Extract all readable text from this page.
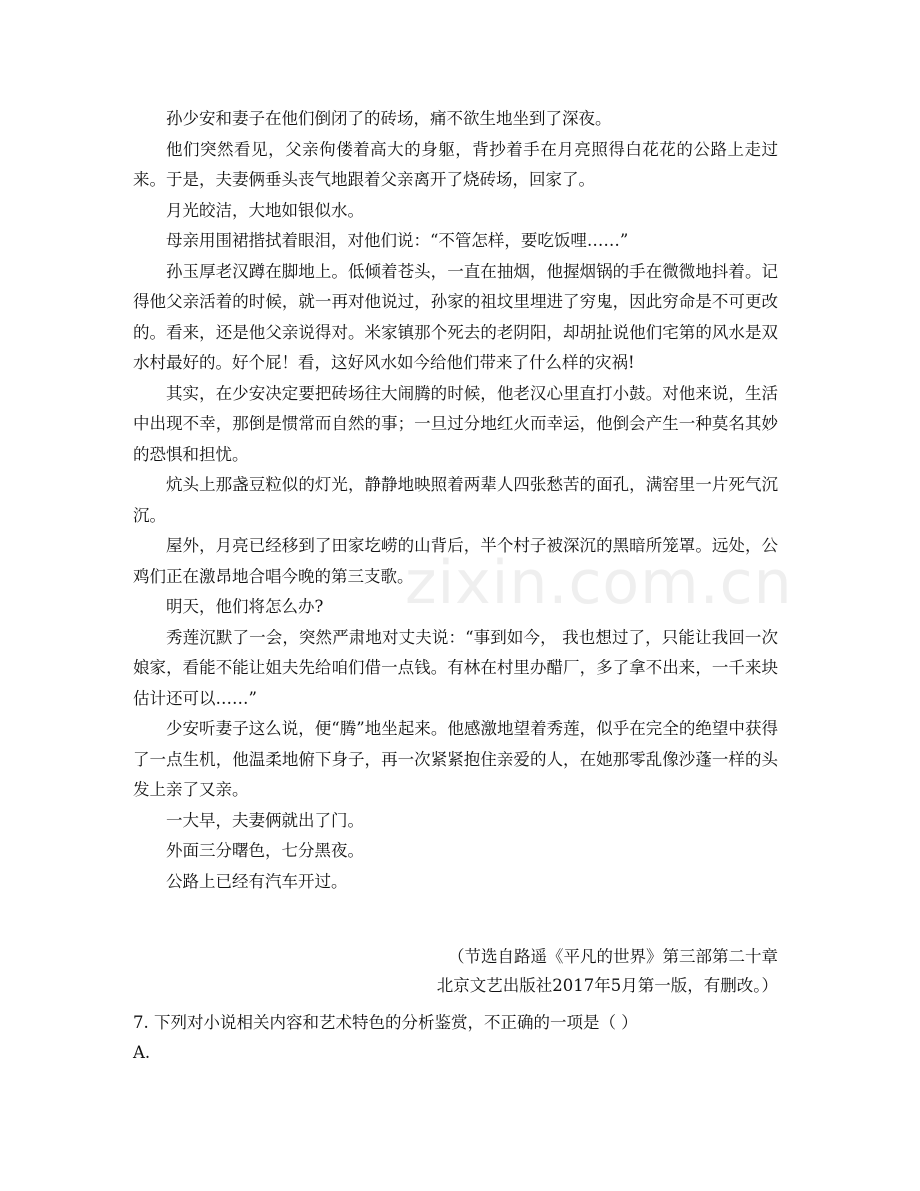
zixin.com.cn

孙少安和妻子在他们倒闭了的砖场，痛不欲生地坐到了深夜。

他们突然看见，父亲佝偻着高大的身躯，背抄着手在月亮照得白花花的公路上走过来。于是，夫妻俩垂头丧气地跟着父亲离开了烧砖场，回家了。

月光皎洁，大地如银似水。

母亲用围裙揩拭着眼泪，对他们说：“不管怎样，要吃饭哩……”

孙玉厚老汉蹲在脚地上。低倾着苍头，一直在抽烟，他握烟锅的手在微微地抖着。记得他父亲活着的时候，就一再对他说过，孙家的祖坟里埋进了穷鬼，因此穷命是不可更改的。看来，还是他父亲说得对。米家镇那个死去的老阴阳，却胡扯说他们宅第的风水是双水村最好的。好个屁！看，这好风水如今给他们带来了什么样的灾祸!

其实，在少安决定要把砖场往大闹腾的时候，他老汉心里直打小鼓。对他来说，生活中出现不幸，那倒是惯常而自然的事；一旦过分地红火而幸运，他倒会产生一种莫名其妙的恐惧和担忧。

炕头上那盏豆粒似的灯光，静静地映照着两辈人四张愁苦的面孔，满窑里一片死气沉沉。

屋外，月亮已经移到了田家圪崂的山背后，半个村子被深沉的黑暗所笼罩。远处，公鸡们正在激昂地合唱今晚的第三支歌。

明天，他们将怎么办?

秀莲沉默了一会，突然严肃地对丈夫说：“事到如今， 我也想过了，只能让我回一次娘家，看能不能让姐夫先给咱们借一点钱。有林在村里办醋厂，多了拿不出来，一千来块估计还可以……”

少安听妻子这么说，便“腾”地坐起来。他感激地望着秀莲，似乎在完全的绝望中获得了一点生机，他温柔地俯下身子，再一次紧紧抱住亲爱的人，在她那零乱像沙蓬一样的头发上亲了又亲。

一大早，夫妻俩就出了门。

外面三分曙色，七分黑夜。

公路上已经有汽车开过。

（节选自路遥《平凡的世界》第三部第二十章
北京文艺出版社2017年5月第一版，有删改。）
7. 下列对小说相关内容和艺术特色的分析鉴赏，不正确的一项是（ ）
A.
